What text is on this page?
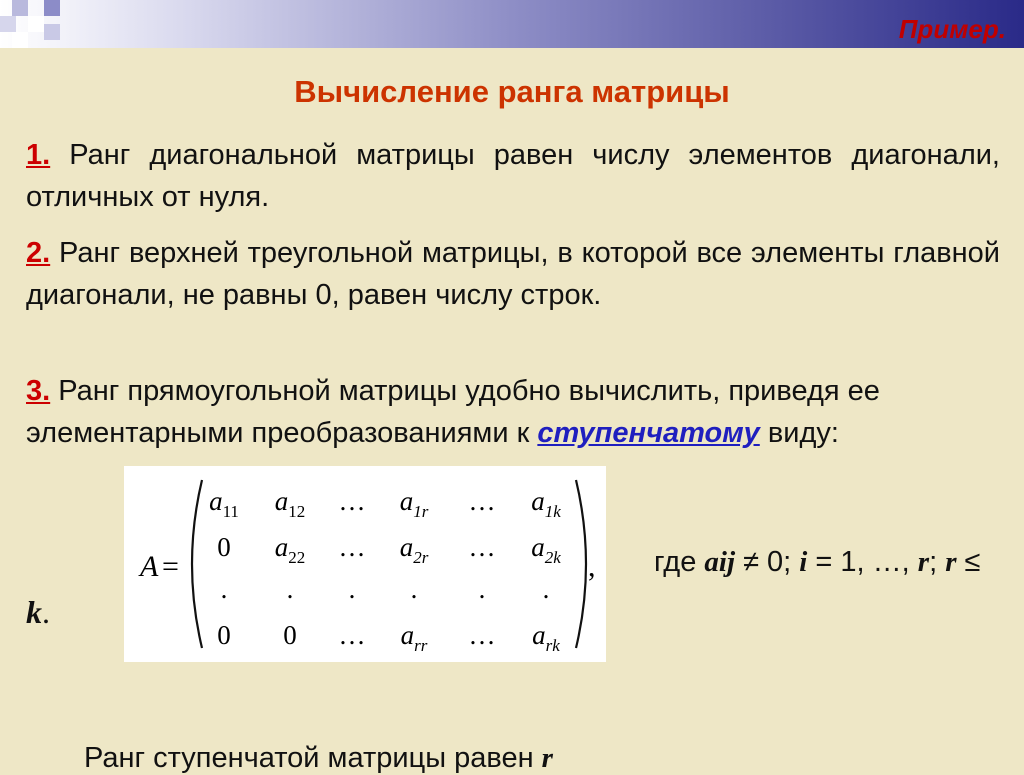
Пример.
Вычисление ранга матрицы
1. Ранг диагональной матрицы равен числу элементов диагонали, отличных от нуля.
2. Ранг верхней треугольной матрицы, в которой все элементы главной диагонали, не равны 0, равен числу строк.
3. Ранг прямоугольной матрицы удобно вычислить, приведя ее элементарными преобразованиями к ступенчатому виду:
A =
$a_{11}$ $a_{12}$ … $a_{1r}$ … $a_{1k}$
0 $a_{22}$ … $a_{2r}$ … $a_{2k}$
. . . . . .
0 0 … $a_{rr}$ … $a_{rk}$
, где aij ≠ 0; i = 1, …, r; r ≤
k.
Ранг ступенчатой матрицы равен r
